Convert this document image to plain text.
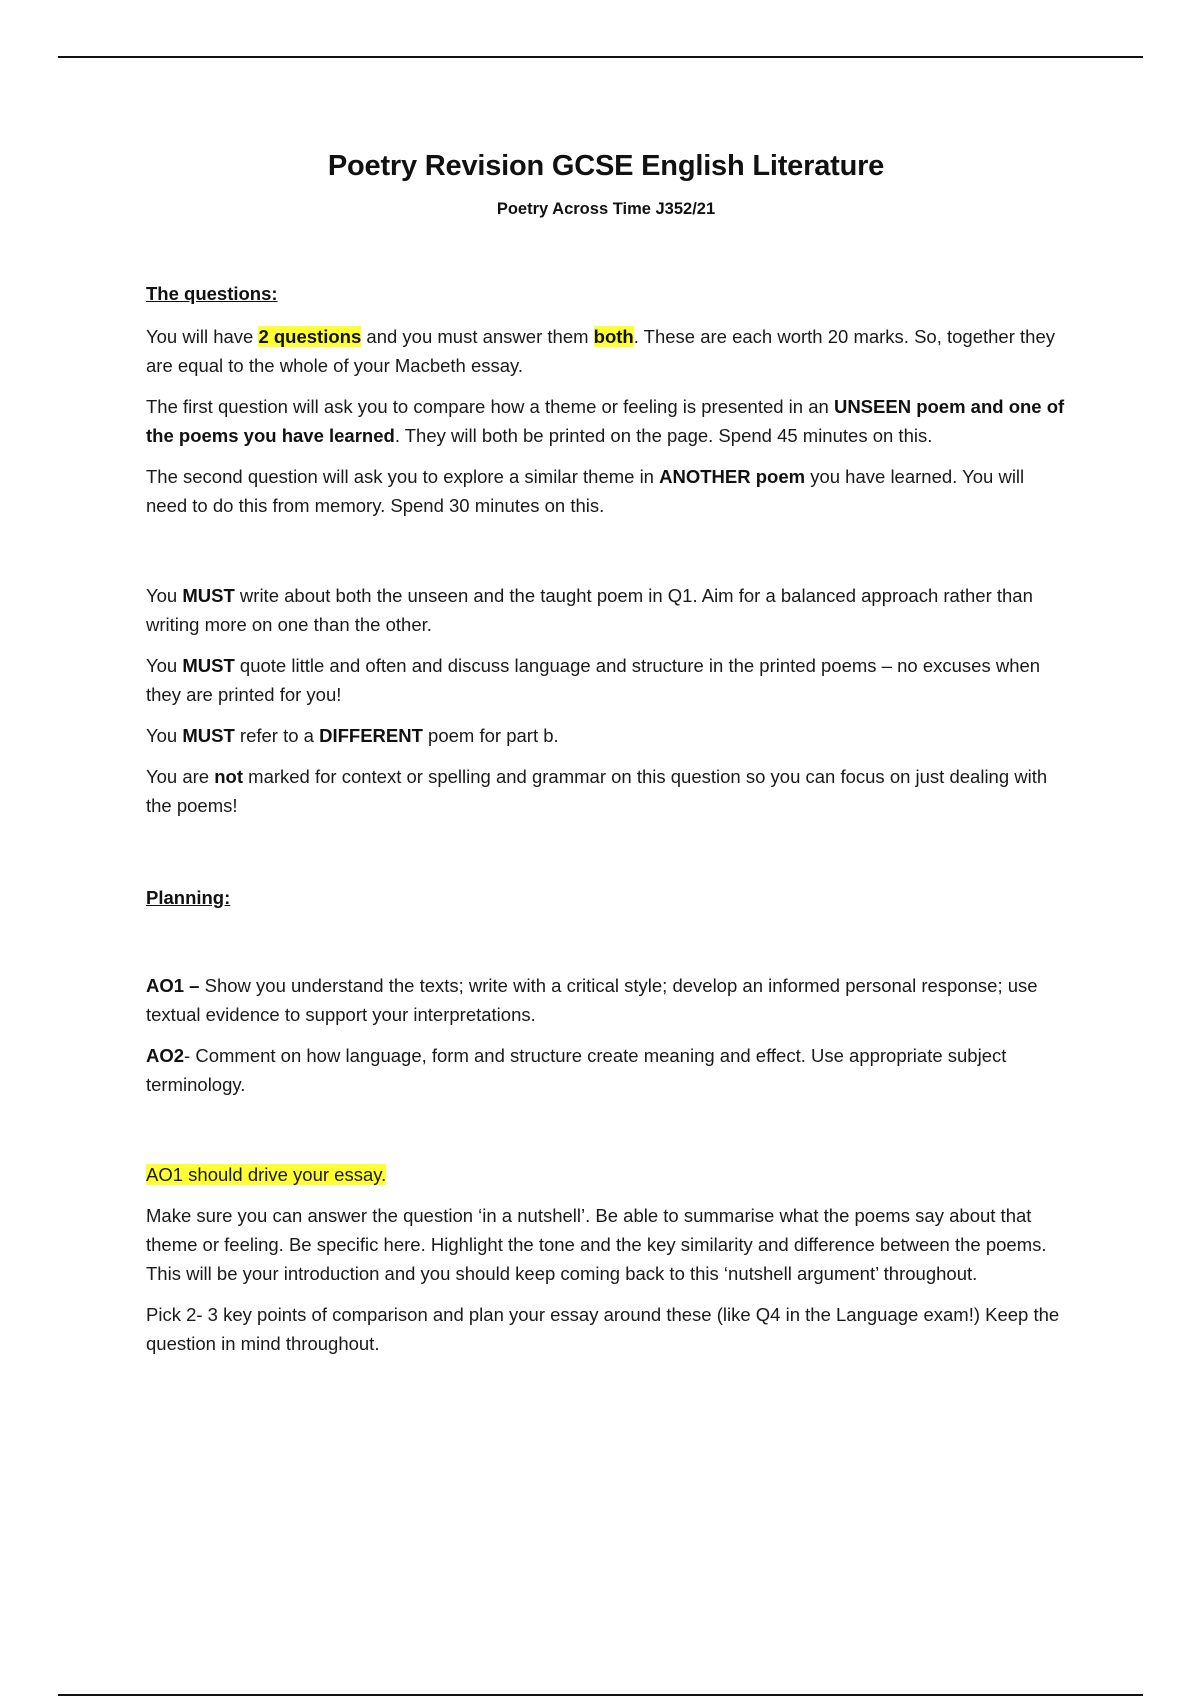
Poetry Revision GCSE English Literature
Poetry Across Time J352/21
The questions:

You will have 2 questions and you must answer them both. These are each worth 20 marks. So, together they are equal to the whole of your Macbeth essay.

The first question will ask you to compare how a theme or feeling is presented in an UNSEEN poem and one of the poems you have learned. They will both be printed on the page. Spend 45 minutes on this.

The second question will ask you to explore a similar theme in ANOTHER poem you have learned. You will need to do this from memory. Spend 30 minutes on this.

You MUST write about both the unseen and the taught poem in Q1. Aim for a balanced approach rather than writing more on one than the other.

You MUST quote little and often and discuss language and structure in the printed poems – no excuses when they are printed for you!

You MUST refer to a DIFFERENT poem for part b.

You are not marked for context or spelling and grammar on this question so you can focus on just dealing with the poems!

Planning:

AO1 – Show you understand the texts; write with a critical style; develop an informed personal response; use textual evidence to support your interpretations.

AO2- Comment on how language, form and structure create meaning and effect. Use appropriate subject terminology.

AO1 should drive your essay.

Make sure you can answer the question ‘in a nutshell’. Be able to summarise what the poems say about that theme or feeling. Be specific here. Highlight the tone and the key similarity and difference between the poems. This will be your introduction and you should keep coming back to this ‘nutshell argument’ throughout.

Pick 2- 3 key points of comparison and plan your essay around these (like Q4 in the Language exam!) Keep the question in mind throughout.
